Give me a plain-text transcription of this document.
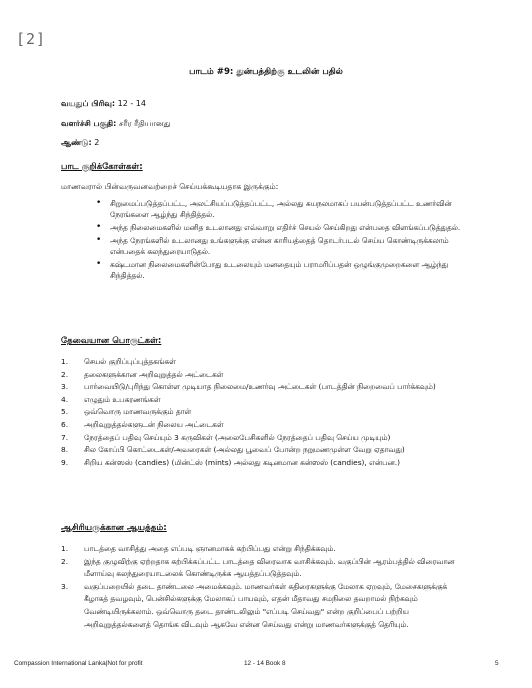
[2]
பாடம் #9: துன்பத்திற்கு உடலின் பதில்
வயதுப் பிரிவு: 12 - 14
வளர்ச்சி பகுதி: சரீர ரீதியானது
ஆண்டு: 2
பாட குறிக்கோள்கள்:
மாணவரால் பின்வருவனவற்றைச் செய்யக்கூடியதாக இருக்கும்:
• சிறுமைப்படுத்தப்பட்ட, அலட்சியப்படுத்தப்பட்ட, அல்லது சுயநலமாகப் பயன்படுத்தப்பட்ட உணர்வின் நேரங்களை ஆழ்ந்து சிந்தித்தல்.
• அந்த நிலைமைகளில் மனித உடலானது எவ்வாறு எதிர்ச் செயல் செய்கிறது என்பதை விளங்கப்படுத்துதல்.
• அந்த நேரங்களில் உடலானது உங்களுக்கு என்ன காரியத்தைத் தொடர்படல் செய்ய கொண்டிருக்கலாம் என்பதைக் கலந்துரையாடுதல்.
• கஷ்டமான நிலைமைகளின்போது உடலையும் மனதையும் பராமரிப்பதன் ஒழுங்குமுறைகளை ஆழ்ந்து சிந்தித்தல்.
தேவையான பொருட்கள்:
1. செயல் குறிப்புப்புத்தகங்கள்
2. தலைகளுக்கான அறிவுறுத்தல் அட்டைகள்
3. பார்வையிடு/புரிந்து கொள்ள முடியாத நிலைமை/உணர்வு அட்டைகள் (பாடத்தின் நிறைவைப் பார்க்கவும்)
4. எழுதும் உபகரணங்கள்
5. ஒவ்வொரு மாணவருக்கும் தாள்
6. அறிவுறுத்தல்களுடன் நிலைய அட்டைகள்
7. நேரத்தைப் பதிவு செய்யும் 3 கருவிகள் (அலைபேசிகளில் நேரத்தைப் பதிவு செய்ய முடியும்)
8. சில கோப்பி கொட்டைகள்/அவரைகள் (அல்லது பூவைப் போன்ற நறுமணமுள்ள வேறு ஏதாவது)
9. சிறிய கன்ஸஸ் (candies) (மின்ட்ஸ் (mints) அல்லது கடினமான கன்ஸஸ் (candies), என்பன.)
ஆசிரியருக்கான ஆயத்தம்:
1. பாடத்தை வாசித்து அதை எப்படி ஞானமாகக் கற்பிப்பது என்று சிந்திக்கவும்.
2. இந்த குழுவிற்கு ஏற்றதாக கற்பிக்கப்பட்ட பாடத்தை விரைவாக வாசிக்கவும். வகுப்பின் ஆரம்பத்தில் விரைவான மீளாய்வு கலந்துரையாடலைக் கொண்டிருக்க ஆயத்தப்படுத்தவும்.
3. வகுப்பறையில் தடை தாண்டலை அமைக்கவும். மாணவர்கள் கதிரைகளுக்கு மேலாக ஏறவும், மேசைகளுக்குக் கீழாகத் தவழவும், பென்சில்களுக்கு மேலாகப் பாயவும், எதன் மீதாவது சமநிலை தவறாமல் நிற்கவும் வேண்டியிருக்கலாம். ஒவ்வொரு தடை தாண்டலிலும் "எப்படி செய்வது" என்ற குறிப்பைப் பற்றிய அறிவுறுத்தல்களைத் தொங்க விடவும் ஆகவே என்ன செய்வது என்று மாணவர்களுக்குத் தெரியும்.
Compassion International Lanka|Not for profit	12 - 14 Book 8	5
